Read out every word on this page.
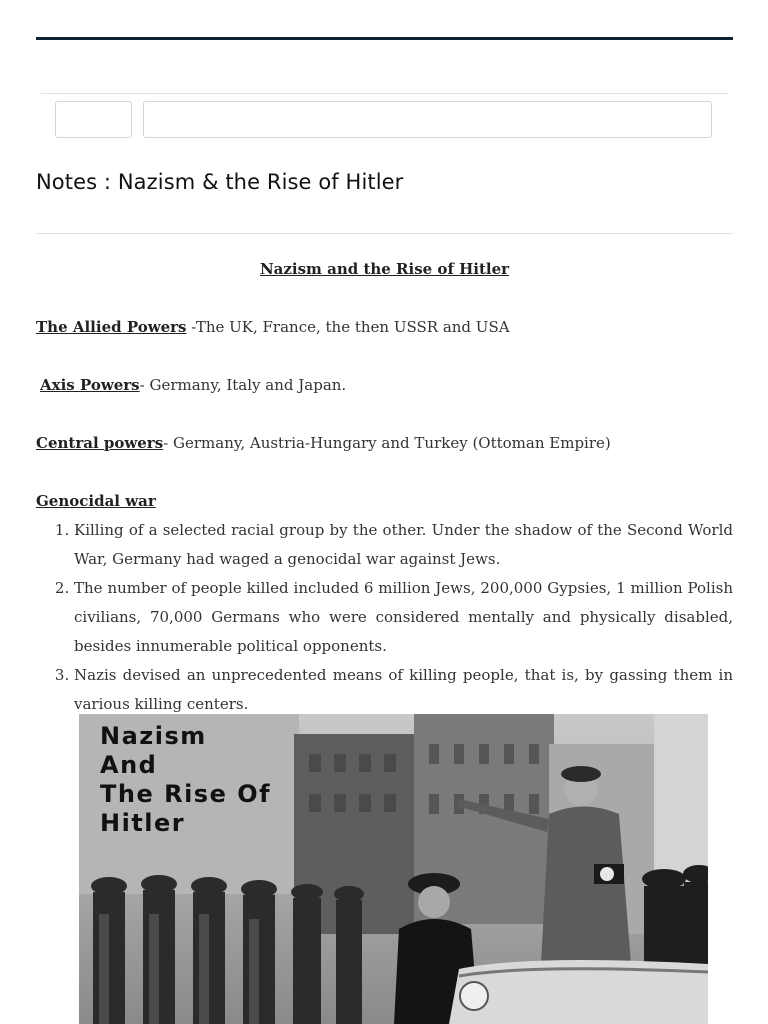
Notes : Nazism & the Rise of Hitler
Nazism and the Rise of Hitler

The Allied Powers -The UK, France, the then USSR and USA

Axis Powers- Germany, Italy and Japan.

Central powers- Germany, Austria-Hungary and Turkey (Ottoman Empire)

Genocidal war
1. Killing of a selected racial group by the other. Under the shadow of the Second World War, Germany had waged a genocidal war against Jews.
2. The number of people killed included 6 million Jews, 200,000 Gypsies, 1 million Polish civilians, 70,000 Germans who were considered mentally and physically disabled, besides innumerable political opponents.
3. Nazis devised an unprecedented means of killing people, that is, by gassing them in various killing centers.
Nazism
And
The Rise Of
Hitler
